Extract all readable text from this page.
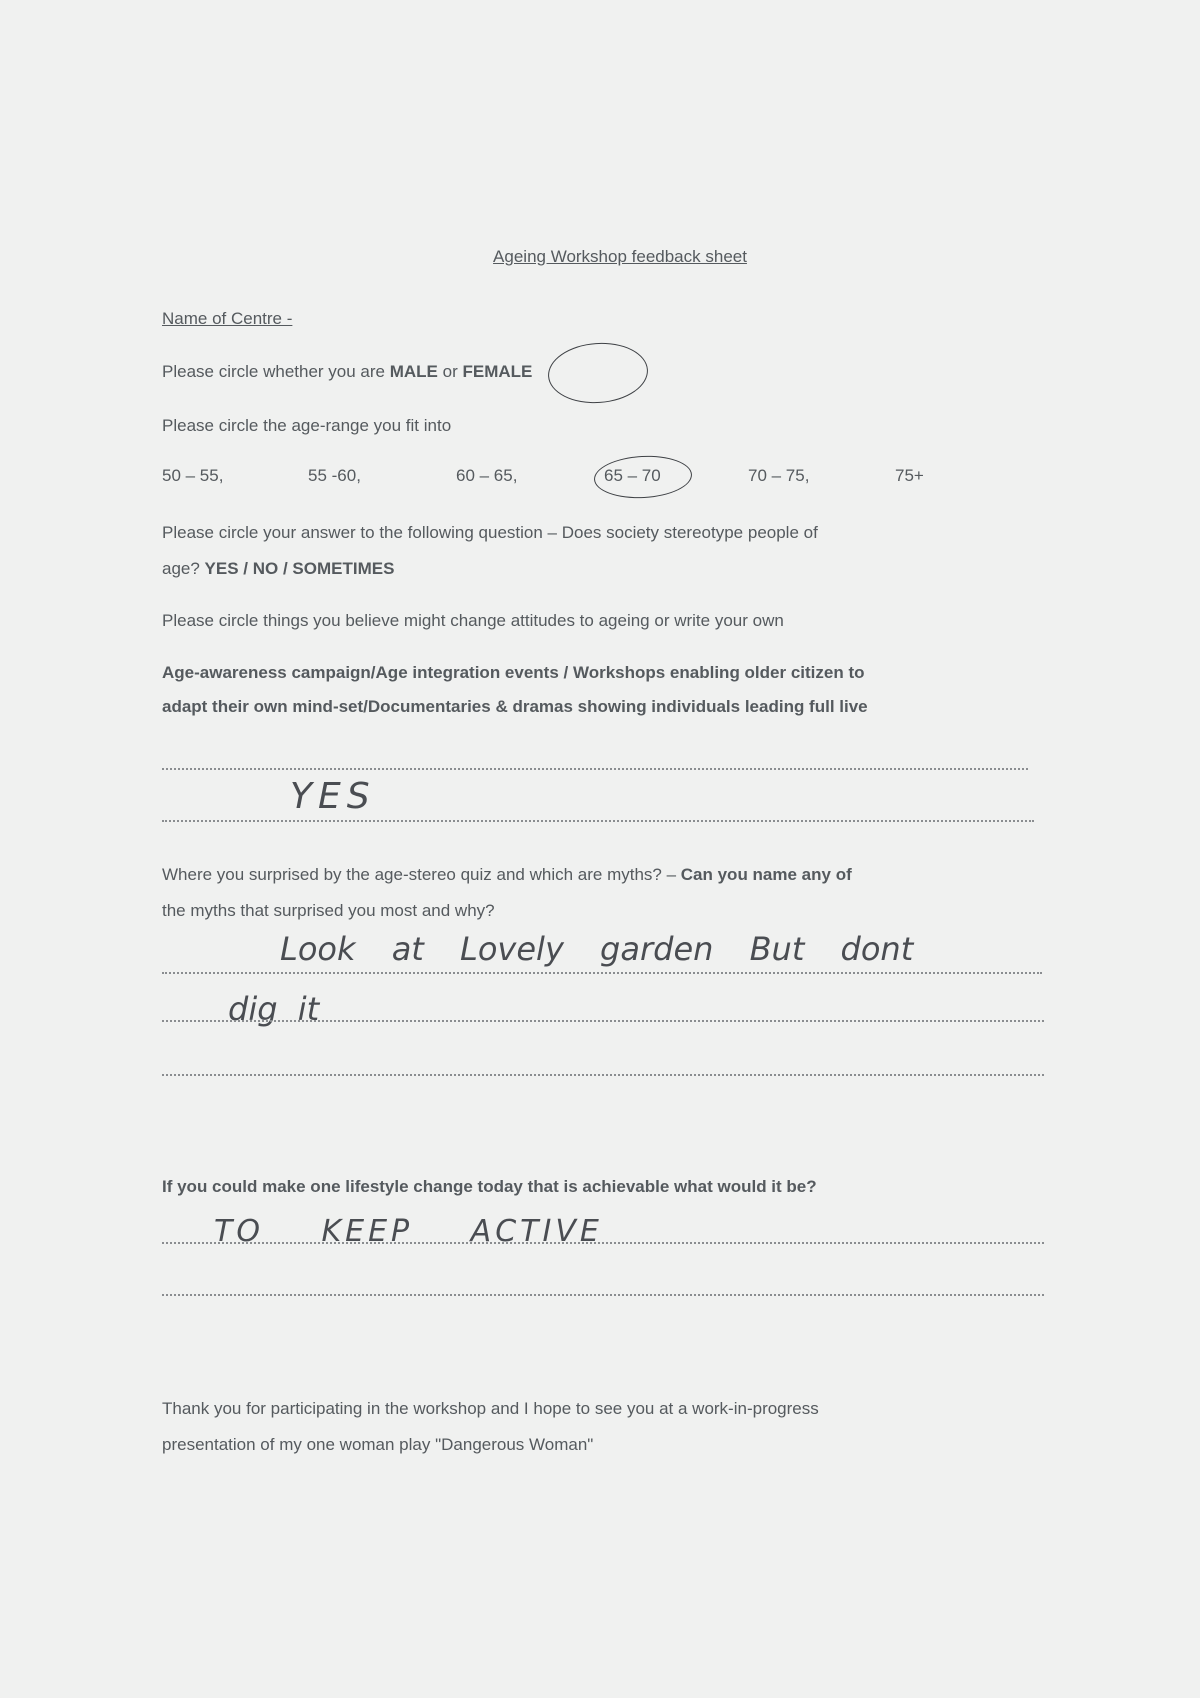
Ageing Workshop feedback sheet
Name of Centre -
Please circle whether you are MALE or FEMALE
Please circle the age-range you fit into
50 – 55,	55 -60,	60 – 65,	65 – 70	70 – 75,	75+
Please circle your answer to the following question – Does society stereotype people of
age? YES / NO / SOMETIMES
Please circle things you believe might change attitudes to ageing or write your own
Age-awareness campaign/Age integration events / Workshops enabling older citizen to
adapt their own mind-set/Documentaries & dramas showing individuals leading full live
YES
Where you surprised by the age-stereo quiz and which are myths? – Can you name any of
the myths that surprised you most and why?
Look at Lovely garden But dont
dig it
If you could make one lifestyle change today that is achievable what would it be?
TO KEEP ACTIVE
Thank you for participating in the workshop and I hope to see you at a work-in-progress
presentation of my one woman play "Dangerous Woman"
